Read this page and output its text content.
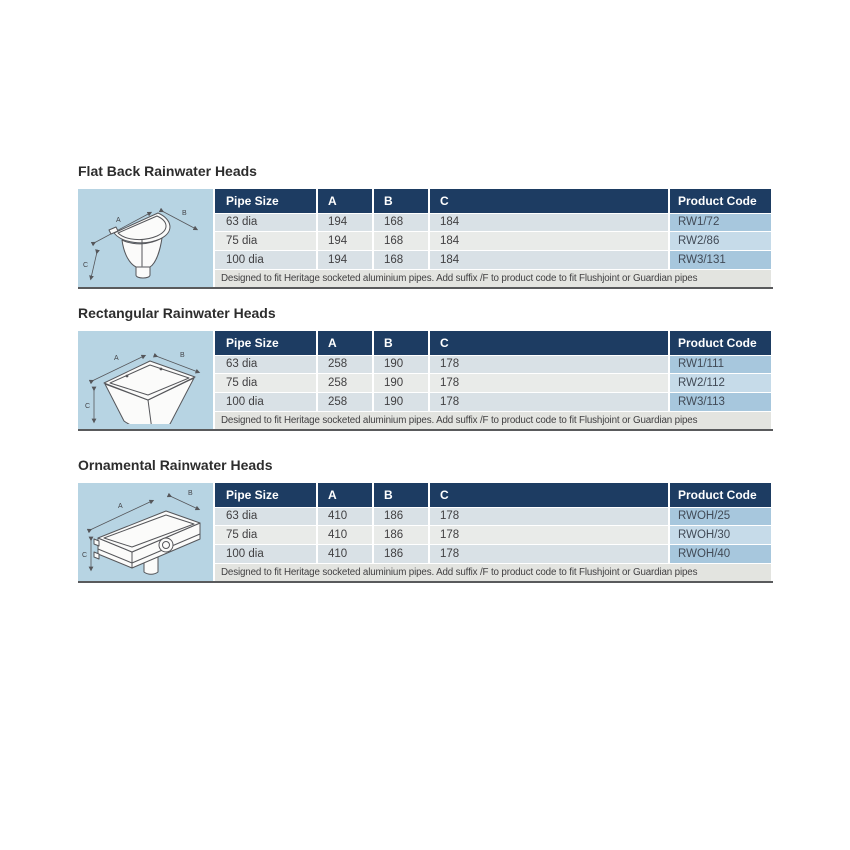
Flat Back Rainwater Heads
A
B
C
Pipe Size	A	B	C	Product Code
63 dia	194	168	184	RW1/72
75 dia	194	168	184	RW2/86
100 dia	194	168	184	RW3/131
Designed to fit Heritage socketed aluminium pipes. Add suffix /F to product code to fit Flushjoint or Guardian pipes				
Rectangular Rainwater Heads
A	B
C
Pipe Size	A	B	C	Product Code
63 dia	258	190	178	RW1/111
75 dia	258	190	178	RW2/112
100 dia	258	190	178	RW3/113
Designed to fit Heritage socketed aluminium pipes. Add suffix /F to product code to fit Flushjoint or Guardian pipes				
Ornamental Rainwater Heads
A
B
C
Pipe Size	A	B	C	Product Code
63 dia	410	186	178	RWOH/25
75 dia	410	186	178	RWOH/30
100 dia	410	186	178	RWOH/40
Designed to fit Heritage socketed aluminium pipes. Add suffix /F to product code to fit Flushjoint or Guardian pipes				
